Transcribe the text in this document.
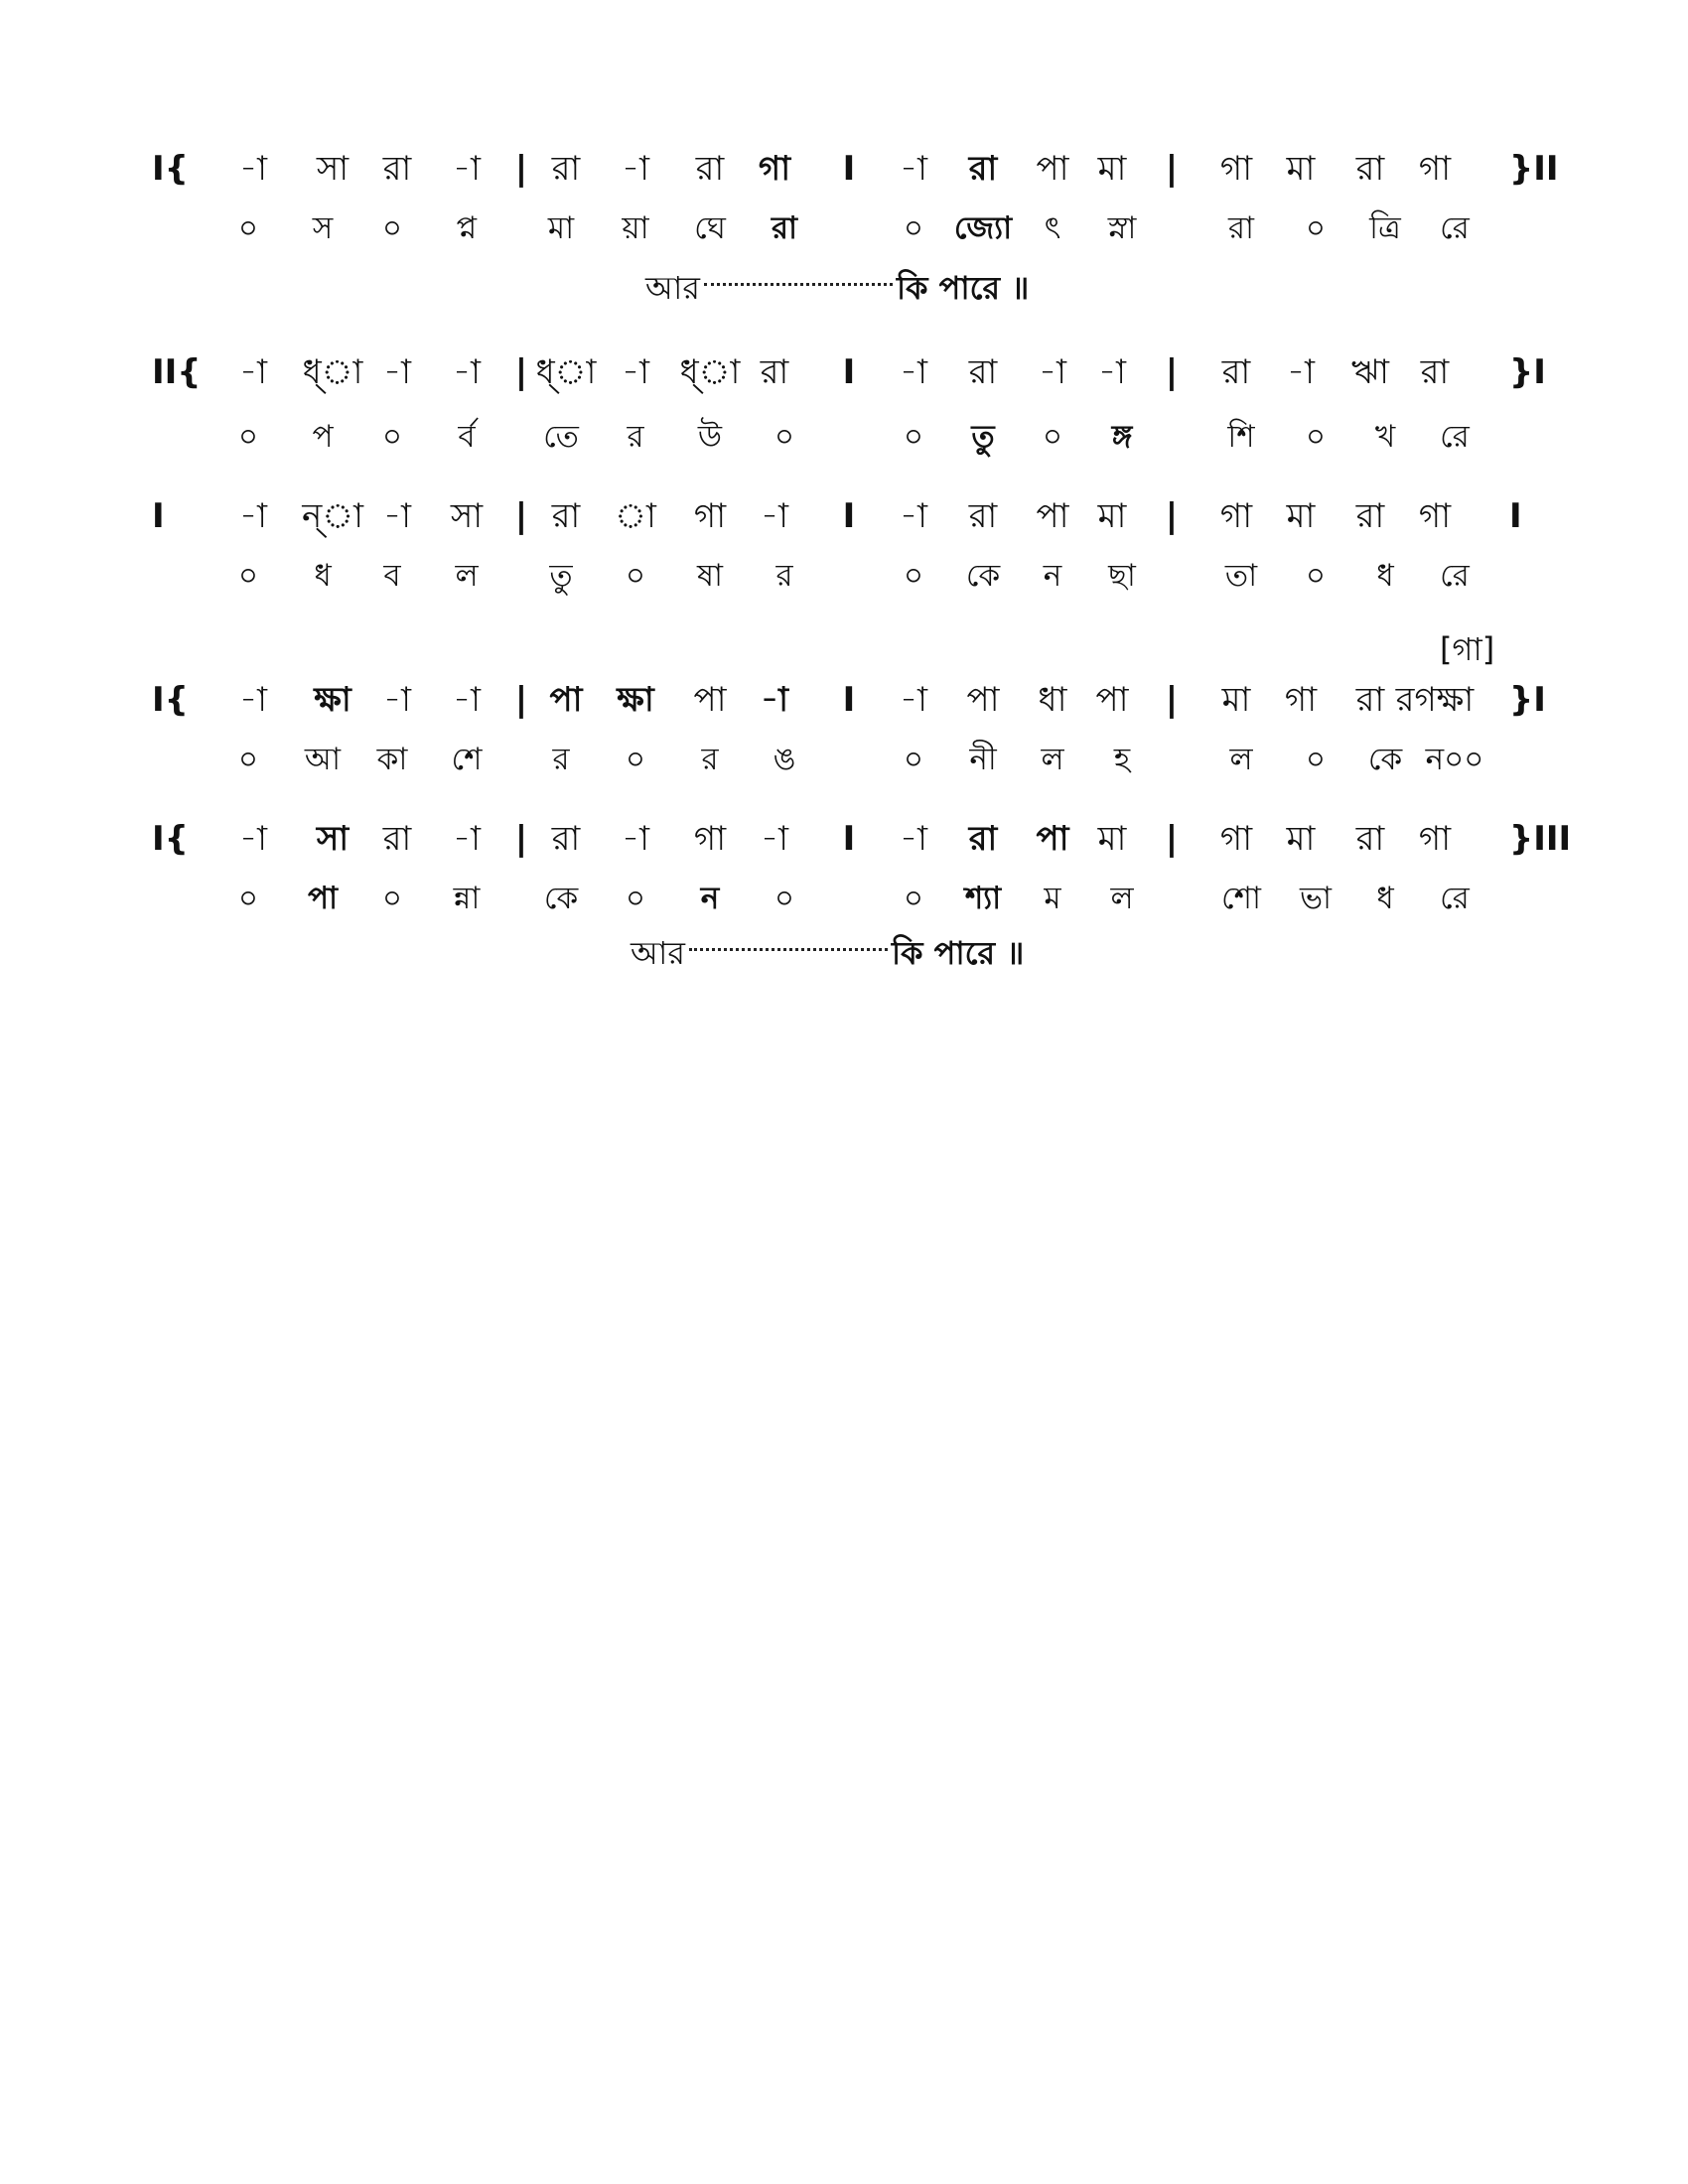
I{ -া সা রা -া | রা -া রা গা I -া রা পা মা | গা মা রা গা }II
০ স ০ প্ন মা য়া ঘে রা	০ জ্যো ৎ স্না	রা ০ ত্রি রে
আর	কি পারে ॥
II{ -া ধ্া -া -া | ধ্া -া ধ্া রা I -া রা -া -া | রা -া ঋা রা }I
০ প ০ র্ব তে র উ ০	০ তু ০ ঙ্গ	শি ০ খ রে
I -া ন্া -া সা | রা া গা -া I -া রা পা মা | গা মা রা গা I
০ ধ ব ল তু ০ ষা র	০ কে ন ছা	তা ০ ধ রে
[গা]
I{ -া ক্ষা -া -া | পা ক্ষা পা -া I -া পা ধা পা | মা গা রা রগক্ষা }I
০ আ কা শে র ০ র ঙ	০ নী ল হ	ল ০ কে ন০০
I{ -া সা রা -া | রা -া গা -া I -া রা পা মা | গা মা রা গা }III
০ পা ০ ন্না কে ০ ন ০	০ শ্যা ম ল	শো ভা ধ রে
আর	কি পারে ॥
